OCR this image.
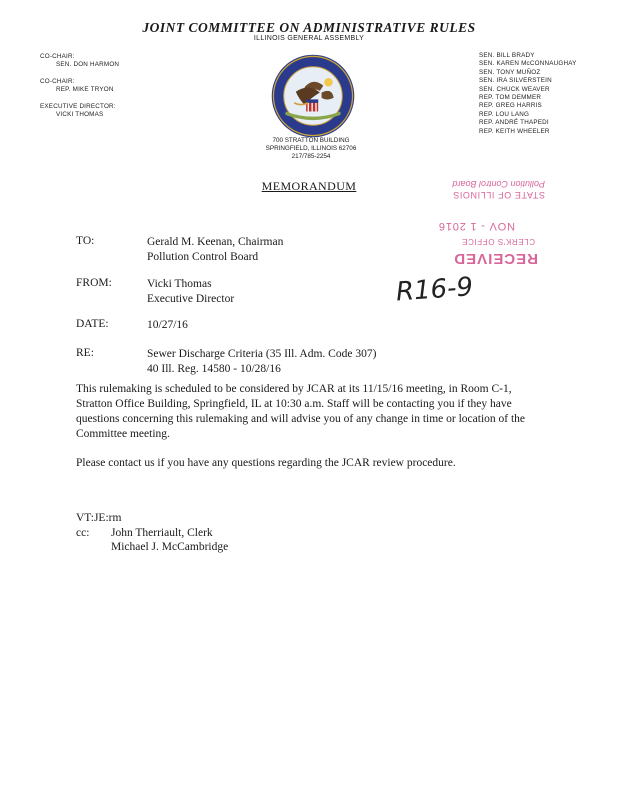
JOINT COMMITTEE ON ADMINISTRATIVE RULES
ILLINOIS GENERAL ASSEMBLY
CO-CHAIR:
SEN. DON HARMON
CO-CHAIR:
REP. MIKE TRYON
EXECUTIVE DIRECTOR:
VICKI THOMAS
SEN. BILL BRADY
SEN. KAREN McCONNAUGHAY
SEN. TONY MUÑOZ
SEN. IRA SILVERSTEIN
SEN. CHUCK WEAVER
REP. TOM DEMMER
REP. GREG HARRIS
REP. LOU LANG
REP. ANDRÉ THAPEDI
REP. KEITH WHEELER
700 STRATTON BUILDING
SPRINGFIELD, ILLINOIS 62706
217/785-2254
MEMORANDUM	Pollution Control Board
STATE OF ILLINOIS
NOV - 1 2016
CLERK'S OFFICE
RECEIVED
R16-9
TO:	Gerald M. Keenan, Chairman
Pollution Control Board
FROM:	Vicki Thomas
Executive Director
DATE:	10/27/16
RE:	Sewer Discharge Criteria (35 Ill. Adm. Code 307)
40 Ill. Reg. 14580 - 10/28/16
This rulemaking is scheduled to be considered by JCAR at its 11/15/16 meeting, in Room C-1, Stratton Office Building, Springfield, IL at 10:30 a.m. Staff will be contacting you if they have questions concerning this rulemaking and will advise you of any change in time or location of the Committee meeting.
Please contact us if you have any questions regarding the JCAR review procedure.
VT:JE:rm
cc: John Therriault, Clerk
Michael J. McCambridge
